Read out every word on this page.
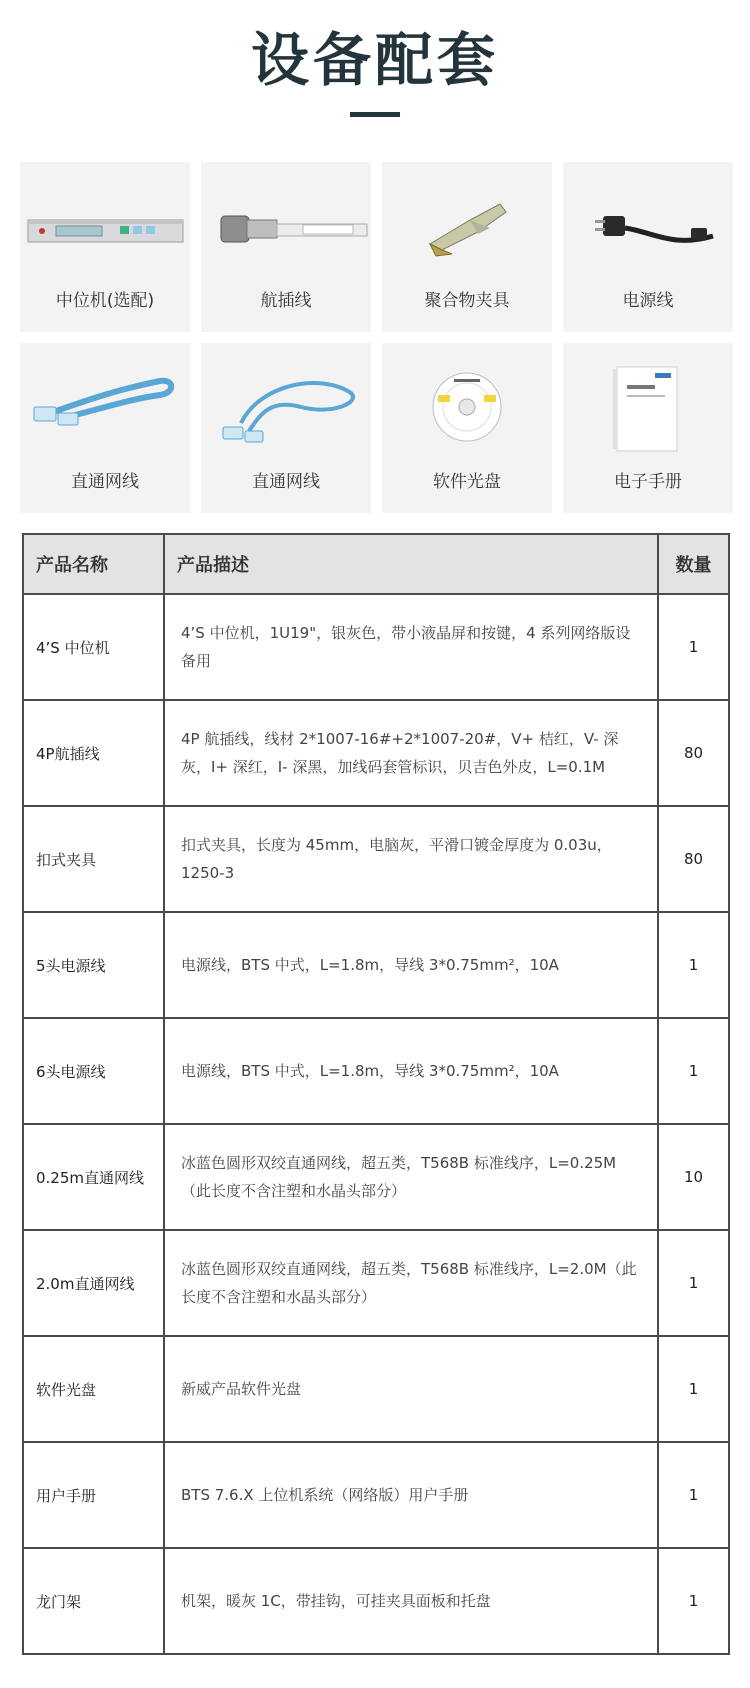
设备配套
中位机(选配)	航插线	聚合物夹具	电源线
直通网线	直通网线	软件光盘	电子手册
产品名称	产品描述	数量
4’S 中位机	4’S 中位机，1U19"，银灰色，带小液晶屏和按键，4 系列网络版设备用	1
4P航插线	4P 航插线，线材 2*1007-16#+2*1007-20#，V+ 桔红，V- 深灰，I+ 深红，I- 深黑，加线码套管标识，贝吉色外皮，L=0.1M	80
扣式夹具	扣式夹具，长度为 45mm，电脑灰，平滑口镀金厚度为 0.03u，1250-3	80
5头电源线	电源线，BTS 中式，L=1.8m，导线 3*0.75mm²，10A	1
6头电源线	电源线，BTS 中式，L=1.8m，导线 3*0.75mm²，10A	1
0.25m直通网线	冰蓝色圆形双绞直通网线，超五类，T568B 标准线序，L=0.25M（此长度不含注塑和水晶头部分）	10
2.0m直通网线	冰蓝色圆形双绞直通网线，超五类，T568B 标准线序，L=2.0M（此长度不含注塑和水晶头部分）	1
软件光盘	新威产品软件光盘	1
用户手册	BTS 7.6.X 上位机系统（网络版）用户手册	1
龙门架	机架，暖灰 1C，带挂钩，可挂夹具面板和托盘	1
